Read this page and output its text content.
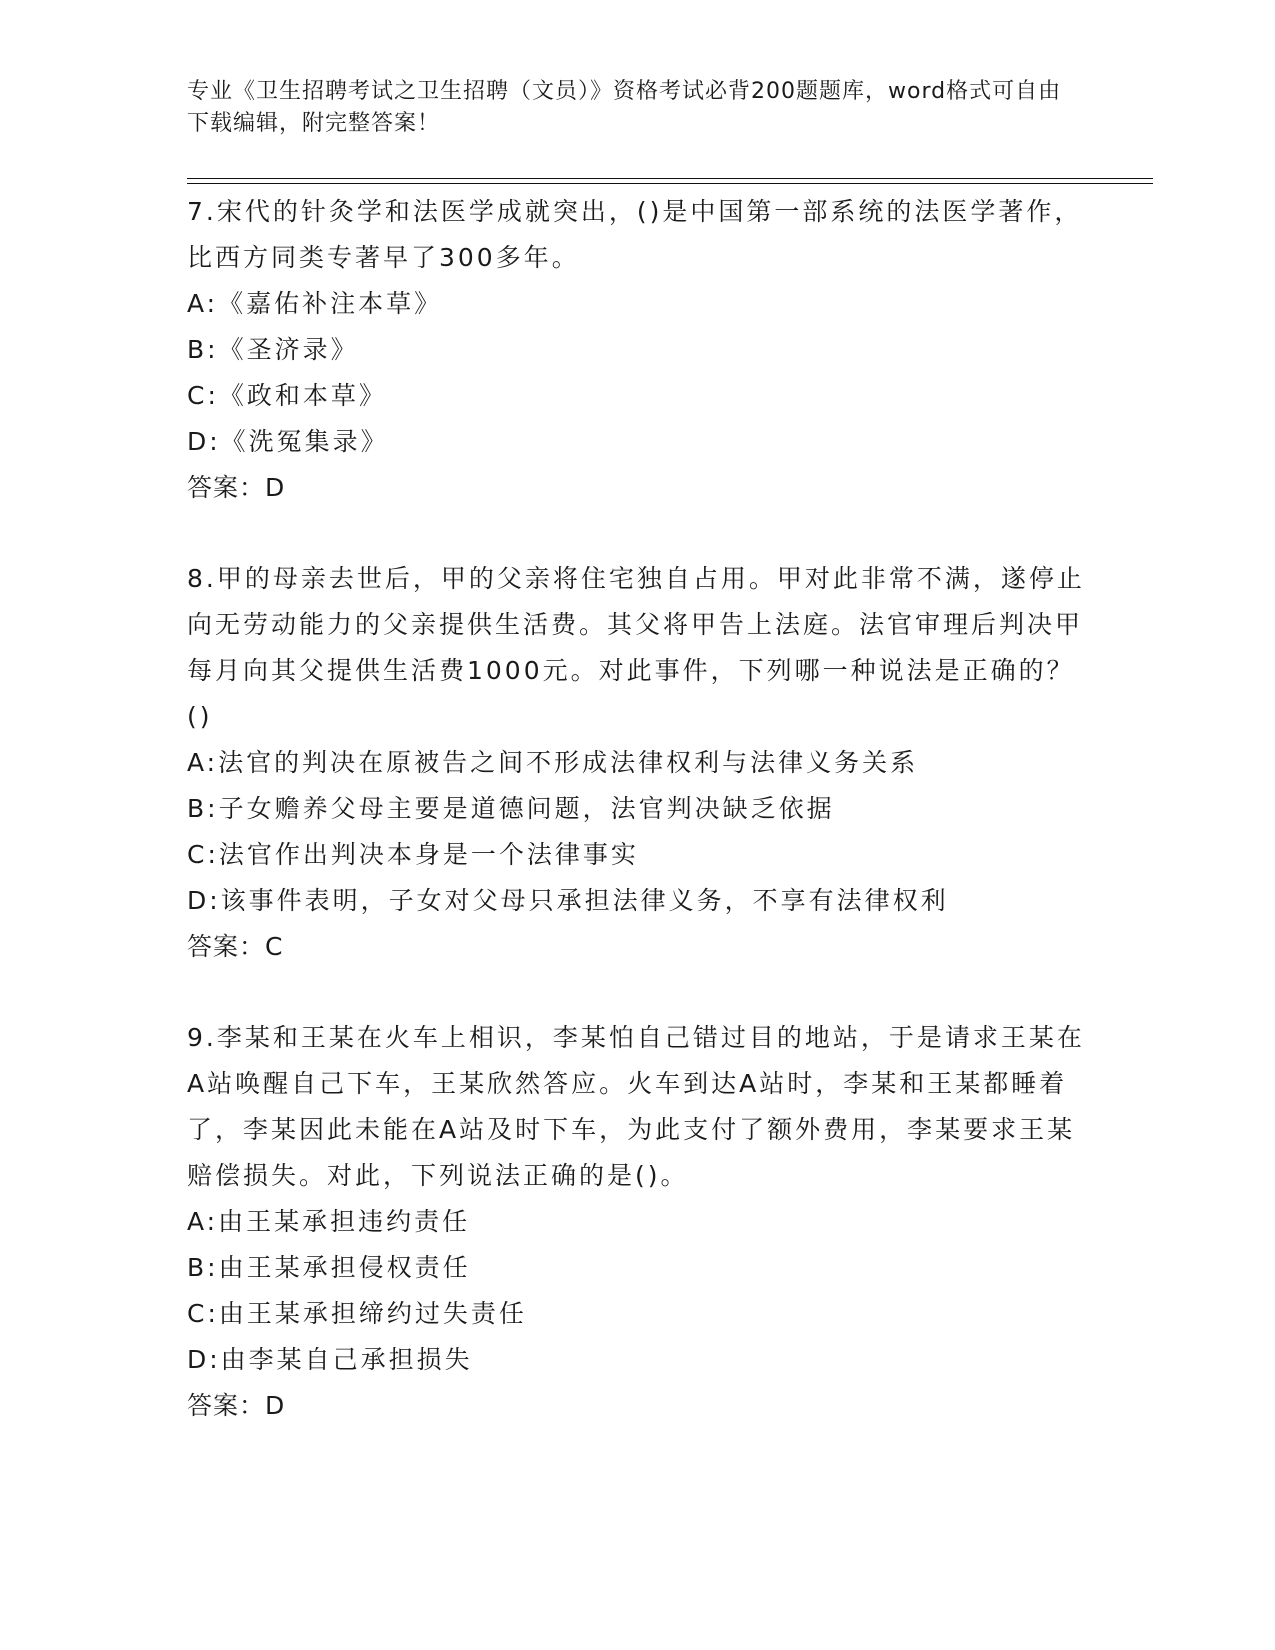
专业《卫生招聘考试之卫生招聘（文员）》资格考试必背200题题库，word格式可自由下载编辑，附完整答案！

7.宋代的针灸学和法医学成就突出，()是中国第一部系统的法医学著作，比西方同类专著早了300多年。

A:《嘉佑补注本草》

B:《圣济录》

C:《政和本草》

D:《洗冤集录》

答案：D

8.甲的母亲去世后，甲的父亲将住宅独自占用。甲对此非常不满，遂停止向无劳动能力的父亲提供生活费。其父将甲告上法庭。法官审理后判决甲每月向其父提供生活费1000元。对此事件，下列哪一种说法是正确的？()

A:法官的判决在原被告之间不形成法律权利与法律义务关系

B:子女赡养父母主要是道德问题，法官判决缺乏依据

C:法官作出判决本身是一个法律事实

D:该事件表明，子女对父母只承担法律义务，不享有法律权利

答案：C

9.李某和王某在火车上相识，李某怕自己错过目的地站，于是请求王某在A站唤醒自己下车，王某欣然答应。火车到达A站时，李某和王某都睡着了，李某因此未能在A站及时下车，为此支付了额外费用，李某要求王某赔偿损失。对此，下列说法正确的是()。

A:由王某承担违约责任

B:由王某承担侵权责任

C:由王某承担缔约过失责任

D:由李某自己承担损失

答案：D
